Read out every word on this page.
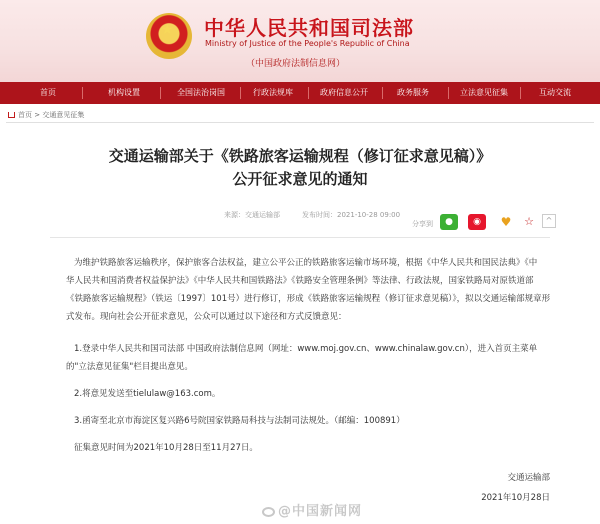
★ 中华人民共和国司法部
Ministry of Justice of the People's Republic of China
（中国政府法制信息网）
首页	机构设置	全国法治岗国	行政法规库	政府信息公开	政务服务	立法意见征集	互动交流
首页 > 交通意见征集
交通运输部关于《铁路旅客运输规程（修订征求意见稿）》
公开征求意见的通知
来源：交通运输部	发布时间：2021-10-28 09:00
分享到	●	◉	♥	☆	^
为维护铁路旅客运输秩序，保护旅客合法权益，建立公平公正的铁路旅客运输市场环境，根据《中华人民共和国民法典》《中
华人民共和国消费者权益保护法》《中华人民共和国铁路法》《铁路安全管理条例》等法律、行政法规，国家铁路局对原铁道部
《铁路旅客运输规程》（铁运〔1997〕101号）进行修订，形成《铁路旅客运输规程（修订征求意见稿）》，拟以交通运输部规章形
式发布。现向社会公开征求意见，公众可以通过以下途径和方式反馈意见：
1.登录中华人民共和国司法部 中国政府法制信息网（网址：www.moj.gov.cn、www.chinalaw.gov.cn），进入首页主菜单
的"立法意见征集"栏目提出意见。
2.将意见发送至tielulaw@163.com。
3.函寄至北京市海淀区复兴路6号院国家铁路局科技与法制司法规处。（邮编：100891）
征集意见时间为2021年10月28日至11月27日。
交通运输部
2021年10月28日
@中国新闻网
